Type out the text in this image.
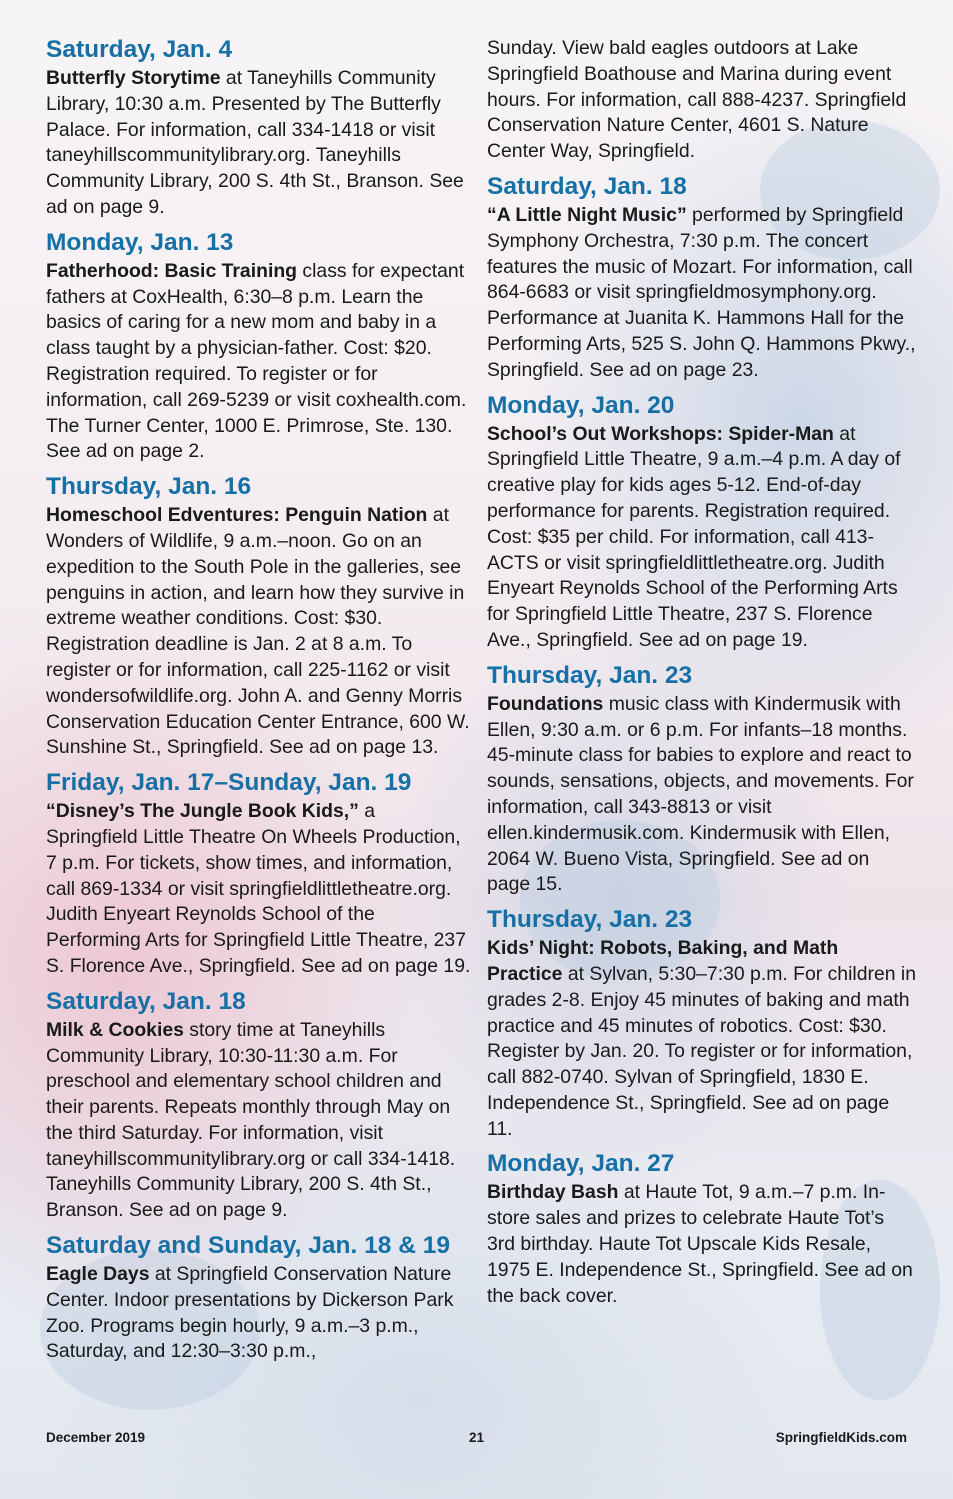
Saturday, Jan. 4

Butterfly Storytime at Taneyhills Community Library, 10:30 a.m. Presented by The Butterfly Palace. For information, call 334-1418 or visit taneyhillscommunitylibrary.org. Taneyhills Community Library, 200 S. 4th St., Branson. See ad on page 9.

Monday, Jan. 13

Fatherhood: Basic Training class for expectant fathers at CoxHealth, 6:30–8 p.m. Learn the basics of caring for a new mom and baby in a class taught by a physician-father. Cost: $20. Registration required. To register or for information, call 269-5239 or visit coxhealth.com. The Turner Center, 1000 E. Primrose, Ste. 130. See ad on page 2.

Thursday, Jan. 16

Homeschool Edventures: Penguin Nation at Wonders of Wildlife, 9 a.m.–noon. Go on an expedition to the South Pole in the galleries, see penguins in action, and learn how they survive in extreme weather conditions. Cost: $30. Registration deadline is Jan. 2 at 8 a.m. To register or for information, call 225-1162 or visit wondersofwildlife.org. John A. and Genny Morris Conservation Education Center Entrance, 600 W. Sunshine St., Springfield. See ad on page 13.

Friday, Jan. 17–Sunday, Jan. 19

“Disney’s The Jungle Book Kids,” a Springfield Little Theatre On Wheels Production, 7 p.m. For tickets, show times, and information, call 869-1334 or visit springfieldlittletheatre.org. Judith Enyeart Reynolds School of the Performing Arts for Springfield Little Theatre, 237 S. Florence Ave., Springfield. See ad on page 19.

Saturday, Jan. 18

Milk & Cookies story time at Taneyhills Community Library, 10:30-11:30 a.m. For preschool and elementary school children and their parents. Repeats monthly through May on the third Saturday. For information, visit taneyhillscommunitylibrary.org or call 334-1418. Taneyhills Community Library, 200 S. 4th St., Branson. See ad on page 9.

Saturday and Sunday, Jan. 18 & 19

Eagle Days at Springfield Conservation Nature Center. Indoor presentations by Dickerson Park Zoo. Programs begin hourly, 9 a.m.–3 p.m., Saturday, and 12:30–3:30 p.m.,

Sunday. View bald eagles outdoors at Lake Springfield Boathouse and Marina during event hours. For information, call 888-4237. Springfield Conservation Nature Center, 4601 S. Nature Center Way, Springfield.

Saturday, Jan. 18

“A Little Night Music” performed by Springfield Symphony Orchestra, 7:30 p.m. The concert features the music of Mozart. For information, call 864-6683 or visit springfieldmosymphony.org. Performance at Juanita K. Hammons Hall for the Performing Arts, 525 S. John Q. Hammons Pkwy., Springfield. See ad on page 23.

Monday, Jan. 20

School’s Out Workshops: Spider-Man at Springfield Little Theatre, 9 a.m.–4 p.m. A day of creative play for kids ages 5-12. End-of-day performance for parents. Registration required. Cost: $35 per child. For information, call 413-ACTS or visit springfieldlittletheatre.org. Judith Enyeart Reynolds School of the Performing Arts for Springfield Little Theatre, 237 S. Florence Ave., Springfield. See ad on page 19.

Thursday, Jan. 23

Foundations music class with Kindermusik with Ellen, 9:30 a.m. or 6 p.m. For infants–18 months. 45-minute class for babies to explore and react to sounds, sensations, objects, and movements. For information, call 343-8813 or visit ellen.kindermusik.com. Kindermusik with Ellen, 2064 W. Bueno Vista, Springfield. See ad on page 15.

Thursday, Jan. 23

Kids’ Night: Robots, Baking, and Math Practice at Sylvan, 5:30–7:30 p.m. For children in grades 2-8. Enjoy 45 minutes of baking and math practice and 45 minutes of robotics. Cost: $30. Register by Jan. 20. To register or for information, call 882-0740. Sylvan of Springfield, 1830 E. Independence St., Springfield. See ad on page 11.

Monday, Jan. 27

Birthday Bash at Haute Tot, 9 a.m.–7 p.m. In-store sales and prizes to celebrate Haute Tot’s 3rd birthday. Haute Tot Upscale Kids Resale, 1975 E. Independence St., Springfield. See ad on the back cover.

December 2019	21	SpringfieldKids.com
